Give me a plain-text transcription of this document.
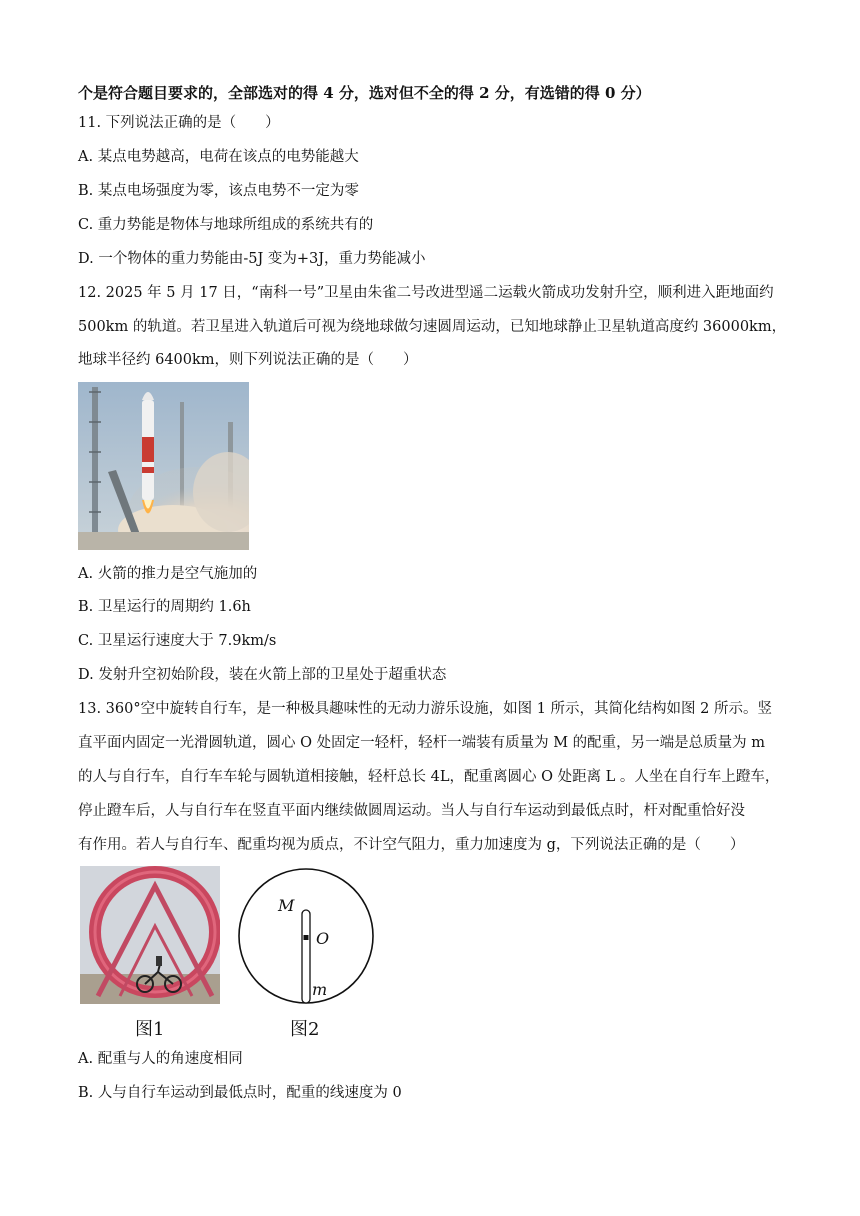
个是符合题目要求的，全部选对的得 4 分，选对但不全的得 2 分，有选错的得 0 分）
11. 下列说法正确的是（　　）
A. 某点电势越高，电荷在该点的电势能越大
B. 某点电场强度为零，该点电势不一定为零
C. 重力势能是物体与地球所组成的系统共有的
D. 一个物体的重力势能由-5J 变为+3J，重力势能减小
12. 2025 年 5 月 17 日，“南科一号”卫星由朱雀二号改进型遥二运载火箭成功发射升空，顺利进入距地面约
500km 的轨道。若卫星进入轨道后可视为绕地球做匀速圆周运动，已知地球静止卫星轨道高度约 36000km，
地球半径约 6400km，则下列说法正确的是（　　）
A. 火箭的推力是空气施加的
B. 卫星运行的周期约 1.6h
C. 卫星运行速度大于 7.9km/s
D. 发射升空初始阶段，装在火箭上部的卫星处于超重状态
13. 360°空中旋转自行车，是一种极具趣味性的无动力游乐设施，如图 1 所示，其简化结构如图 2 所示。竖
直平面内固定一光滑圆轨道，圆心 O 处固定一轻杆，轻杆一端装有质量为 M 的配重，另一端是总质量为 m
的人与自行车，自行车车轮与圆轨道相接触，轻杆总长 4L，配重离圆心 O 处距离 L 。人坐在自行车上蹬车，
停止蹬车后，人与自行车在竖直平面内继续做圆周运动。当人与自行车运动到最低点时，杆对配重恰好没
有作用。若人与自行车、配重均视为质点，不计空气阻力，重力加速度为 g，下列说法正确的是（　　）
M
O
m
图1	图2
A. 配重与人的角速度相同
B. 人与自行车运动到最低点时，配重的线速度为 0
